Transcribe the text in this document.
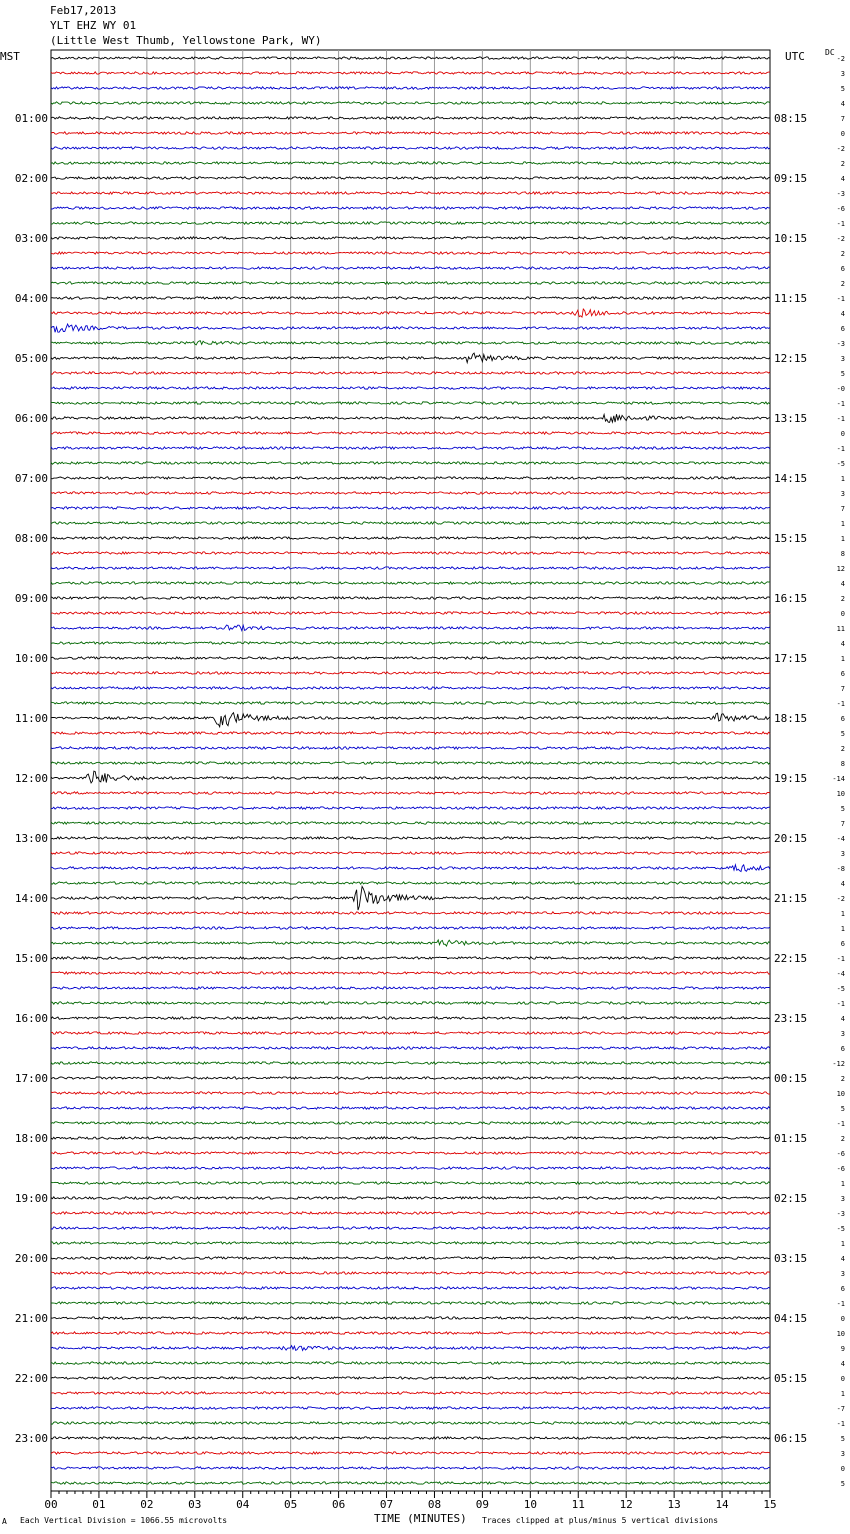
Feb17,2013
YLT EHZ WY 01
(Little West Thumb, Yellowstone Park, WY)
MST	UTC	DC
-2
3
5
4
7
0
-2
2
4
-3
-6
-1
-2
2
6
2
-1
4
6
-3
3
5
-0
-1
-1
0
-1
-5
1
3
7
1
1
8
12
4
2
0
11
4
1
6
7
-1
6
5
2
8
-14
10
5
7
-4
3
-8
4
-2
1
1
6
-1
-4
-5
-1
4
3
6
-12
2
10
5
-1
2
-6
-6
1
3
-3
-5
1
4
3
6
-1
0
10
9
4
0
1
-7
-1
5
3
0
5
01:00
02:00
03:00
04:00
05:00
06:00
07:00
08:00
09:00
10:00
11:00
12:00
13:00
14:00
15:00
16:00
17:00
18:00
19:00
20:00
21:00
22:00
23:00
08:15
09:15
10:15
11:15
12:15
13:15
14:15
15:15
16:15
17:15
18:15
19:15
20:15
21:15
22:15
23:15
00:15
01:15
02:15
03:15
04:15
05:15
06:15
00	01	02	03	04	05	06	07	08	09	10	11	12	13	14	15
A Each Vertical Division = 1066.55 microvolts	TIME (MINUTES) Traces clipped at plus/minus 5 vertical divisions
